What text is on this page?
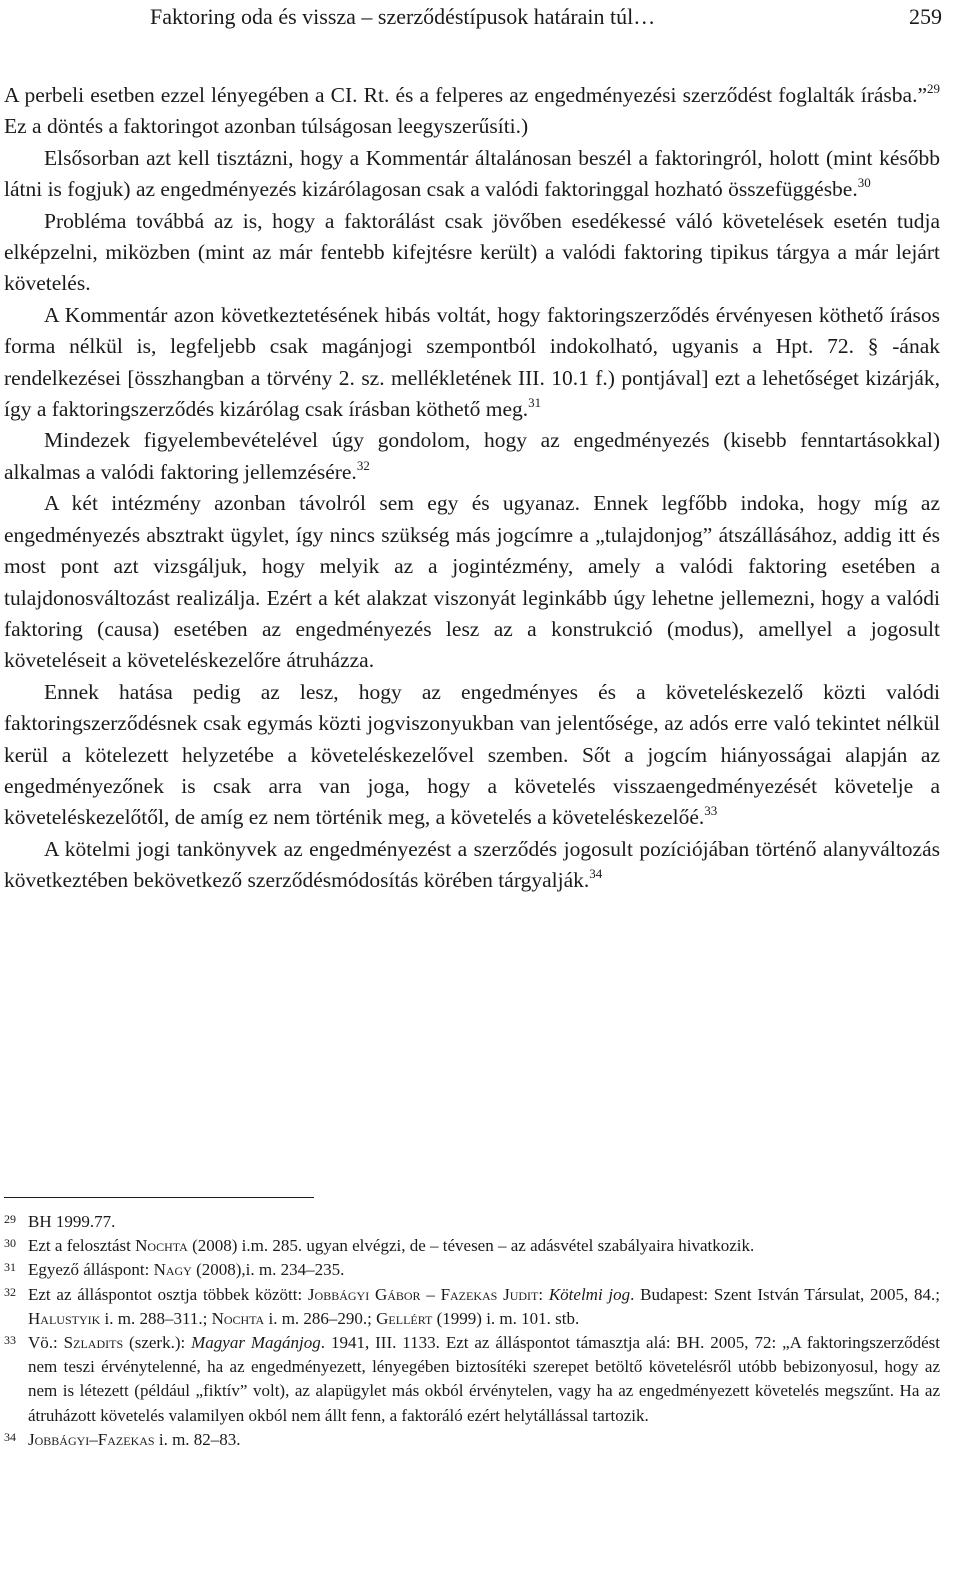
Faktoring oda és vissza – szerződéstípusok határain túl…	259

A perbeli esetben ezzel lényegében a CI. Rt. és a felperes az engedményezési szerződést foglalták írásba.”$^{29}$ Ez a döntés a faktoringot azonban túlságosan leegyszerűsíti.)

Elsősorban azt kell tisztázni, hogy a Kommentár általánosan beszél a faktoringról, holott (mint később látni is fogjuk) az engedményezés kizárólagosan csak a valódi faktoringgal hozható összefüggésbe.$^{30}$

Probléma továbbá az is, hogy a faktorálást csak jövőben esedékessé váló követelések esetén tudja elképzelni, miközben (mint az már fentebb kifejtésre került) a valódi faktoring tipikus tárgya a már lejárt követelés.

A Kommentár azon következtetésének hibás voltát, hogy faktoringszerződés érvényesen köthető írásos forma nélkül is, legfeljebb csak magánjogi szempontból indokolható, ugyanis a Hpt. 72. § -ának rendelkezései [összhangban a törvény 2. sz. mellékletének III. 10.1 f.) pontjával] ezt a lehetőséget kizárják, így a faktoringszerződés kizárólag csak írásban köthető meg.$^{31}$

Mindezek figyelembevételével úgy gondolom, hogy az engedményezés (kisebb fenntartásokkal) alkalmas a valódi faktoring jellemzésére.$^{32}$

A két intézmény azonban távolról sem egy és ugyanaz. Ennek legfőbb indoka, hogy míg az engedményezés absztrakt ügylet, így nincs szükség más jogcímre a „tulajdonjog” átszállásához, addig itt és most pont azt vizsgáljuk, hogy melyik az a jogintézmény, amely a valódi faktoring esetében a tulajdonosváltozást realizálja. Ezért a két alakzat viszonyát leginkább úgy lehetne jellemezni, hogy a valódi faktoring (causa) esetében az engedményezés lesz az a konstrukció (modus), amellyel a jogosult követeléseit a követeléskezelőre átruházza.

Ennek hatása pedig az lesz, hogy az engedményes és a követeléskezelő közti valódi faktoringszerződésnek csak egymás közti jogviszonyukban van jelentősége, az adós erre való tekintet nélkül kerül a kötelezett helyzetébe a követeléskezelővel szemben. Sőt a jogcím hiányosságai alapján az engedményezőnek is csak arra van joga, hogy a követelés visszaengedményezését követelje a követeléskezelőtől, de amíg ez nem történik meg, a követelés a követeléskezelőé.$^{33}$

A kötelmi jogi tankönyvek az engedményezést a szerződés jogosult pozíciójában történő alanyváltozás következtében bekövetkező szerződésmódosítás körében tárgyalják.$^{34}$

29 BH 1999.77.
30 Ezt a felosztást Nochta (2008) i.m. 285. ugyan elvégzi, de – tévesen – az adásvétel szabályaira hivatkozik.
31 Egyező álláspont: Nagy (2008),i. m. 234–235.
32 Ezt az álláspontot osztja többek között: Jobbágyi Gábor – Fazekas Judit: Kötelmi jog. Budapest: Szent István Társulat, 2005, 84.; Halustyik i. m. 288–311.; Nochta i. m. 286–290.; Gellért (1999) i. m. 101. stb.
33 Vö.: Szladits (szerk.): Magyar Magánjog. 1941, III. 1133. Ezt az álláspontot támasztja alá: BH. 2005, 72: „A faktoringszerződést nem teszi érvénytelenné, ha az engedményezett, lényegében biztosítéki szerepet betöltő követelésről utóbb bebizonyosul, hogy az nem is létezett (például „fiktív” volt), az alapügylet más okból érvénytelen, vagy ha az engedményezett követelés megszűnt. Ha az átruházott követelés valamilyen okból nem állt fenn, a faktoráló ezért helytállással tartozik.
34 Jobbágyi–Fazekas i. m. 82–83.
